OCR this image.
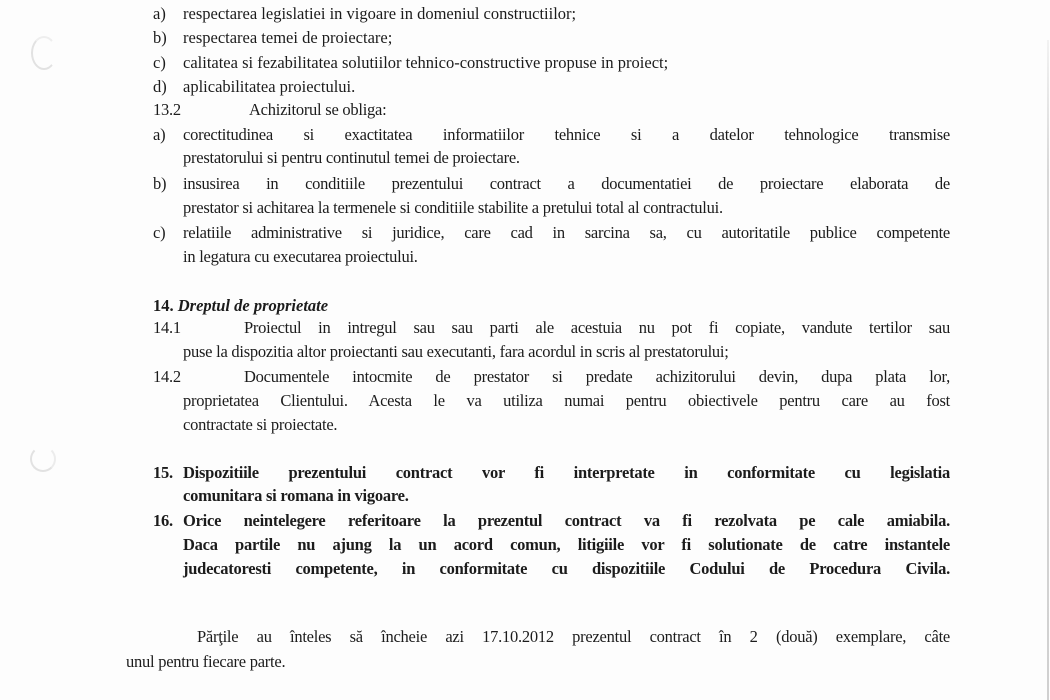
a) respectarea legislatiei in vigoare in domeniul constructiilor;
b) respectarea temei de proiectare;
c) calitatea si fezabilitatea solutiilor tehnico-constructive propuse in proiect;
d) aplicabilitatea proiectului.
13.2	Achizitorul se obliga:
a) corectitudinea si exactitatea informatiilor tehnice si a datelor tehnologice transmise
prestatorului si pentru continutul temei de proiectare.
b) insusirea in conditiile prezentului contract a documentatiei de proiectare elaborata de
prestator si achitarea la termenele si conditiile stabilite a pretului total al contractului.
c) relatiile administrative si juridice, care cad in sarcina sa, cu autoritatile publice competente
in legatura cu executarea proiectului.
14. Dreptul de proprietate
14.1	Proiectul in intregul sau sau parti ale acestuia nu pot fi copiate, vandute tertilor sau
puse la dispozitia altor proiectanti sau executanti, fara acordul in scris al prestatorului;
14.2	Documentele intocmite de prestator si predate achizitorului devin, dupa plata lor,
proprietatea Clientului. Acesta le va utiliza numai pentru obiectivele pentru care au fost
contractate si proiectate.
15. Dispozitiile prezentului contract vor fi interpretate in conformitate cu legislatia
comunitara si romana in vigoare.
16. Orice neintelegere referitoare la prezentul contract va fi rezolvata pe cale amiabila.
Daca partile nu ajung la un acord comun, litigiile vor fi solutionate de catre instantele
judecatoresti competente, in conformitate cu dispozitiile Codului de Procedura Civila.
Părţile au înteles să încheie azi 17.10.2012 prezentul contract în 2 (două) exemplare, câte
unul pentru fiecare parte.
